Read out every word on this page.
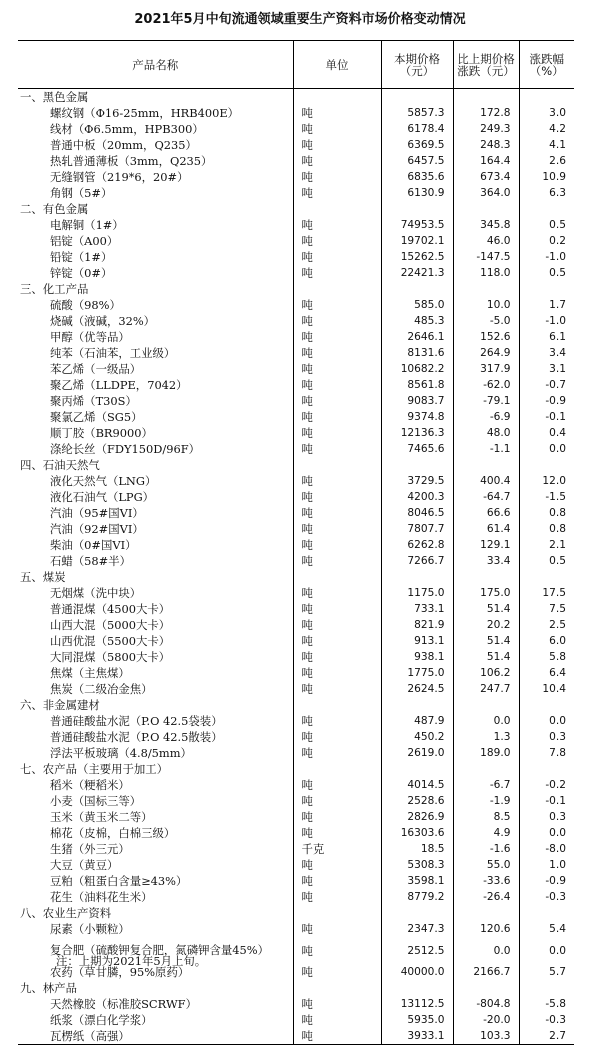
2021年5月中旬流通领域重要生产资料市场价格变动情况
产品名称	单位	本期价格（元）	比上期价格涨跌（元）	涨跌幅（%）
一、黑色金属				
螺纹钢（Φ16-25mm，HRB400E）	吨	5857.3	172.8	3.0
线材（Φ6.5mm，HPB300）	吨	6178.4	249.3	4.2
普通中板（20mm，Q235）	吨	6369.5	248.3	4.1
热轧普通薄板（3mm，Q235）	吨	6457.5	164.4	2.6
无缝钢管（219*6，20#）	吨	6835.6	673.4	10.9
角钢（5#）	吨	6130.9	364.0	6.3
二、有色金属				
电解铜（1#）	吨	74953.5	345.8	0.5
铝锭（A00）	吨	19702.1	46.0	0.2
铅锭（1#）	吨	15262.5	-147.5	-1.0
锌锭（0#）	吨	22421.3	118.0	0.5
三、化工产品				
硫酸（98%）	吨	585.0	10.0	1.7
烧碱（液碱，32%）	吨	485.3	-5.0	-1.0
甲醇（优等品）	吨	2646.1	152.6	6.1
纯苯（石油苯，工业级）	吨	8131.6	264.9	3.4
苯乙烯（一级品）	吨	10682.2	317.9	3.1
聚乙烯（LLDPE，7042）	吨	8561.8	-62.0	-0.7
聚丙烯（T30S）	吨	9083.7	-79.1	-0.9
聚氯乙烯（SG5）	吨	9374.8	-6.9	-0.1
顺丁胶（BR9000）	吨	12136.3	48.0	0.4
涤纶长丝（FDY150D/96F）	吨	7465.6	-1.1	0.0
四、石油天然气				
液化天然气（LNG）	吨	3729.5	400.4	12.0
液化石油气（LPG）	吨	4200.3	-64.7	-1.5
汽油（95#国VI）	吨	8046.5	66.6	0.8
汽油（92#国VI）	吨	7807.7	61.4	0.8
柴油（0#国VI）	吨	6262.8	129.1	2.1
石蜡（58#半）	吨	7266.7	33.4	0.5
五、煤炭				
无烟煤（洗中块）	吨	1175.0	175.0	17.5
普通混煤（4500大卡）	吨	733.1	51.4	7.5
山西大混（5000大卡）	吨	821.9	20.2	2.5
山西优混（5500大卡）	吨	913.1	51.4	6.0
大同混煤（5800大卡）	吨	938.1	51.4	5.8
焦煤（主焦煤）	吨	1775.0	106.2	6.4
焦炭（二级冶金焦）	吨	2624.5	247.7	10.4
六、非金属建材				
普通硅酸盐水泥（P.O 42.5袋装）	吨	487.9	0.0	0.0
普通硅酸盐水泥（P.O 42.5散装）	吨	450.2	1.3	0.3
浮法平板玻璃（4.8/5mm）	吨	2619.0	189.0	7.8
七、农产品（主要用于加工）				
稻米（粳稻米）	吨	4014.5	-6.7	-0.2
小麦（国标三等）	吨	2528.6	-1.9	-0.1
玉米（黄玉米二等）	吨	2826.9	8.5	0.3
棉花（皮棉，白棉三级）	吨	16303.6	4.9	0.0
生猪（外三元）	千克	18.5	-1.6	-8.0
大豆（黄豆）	吨	5308.3	55.0	1.0
豆粕（粗蛋白含量≥43%）	吨	3598.1	-33.6	-0.9
花生（油料花生米）	吨	8779.2	-26.4	-0.3
八、农业生产资料				
尿素（小颗粒）	吨	2347.3	120.6	5.4
复合肥（硫酸钾复合肥，氮磷钾含量45%）	吨	2512.5	0.0	0.0
农药（草甘膦，95%原药）	吨	40000.0	2166.7	5.7
九、林产品				
天然橡胶（标准胶SCRWF）	吨	13112.5	-804.8	-5.8
纸浆（漂白化学浆）	吨	5935.0	-20.0	-0.3
瓦楞纸（高强）	吨	3933.1	103.3	2.7
注：上期为2021年5月上旬。
